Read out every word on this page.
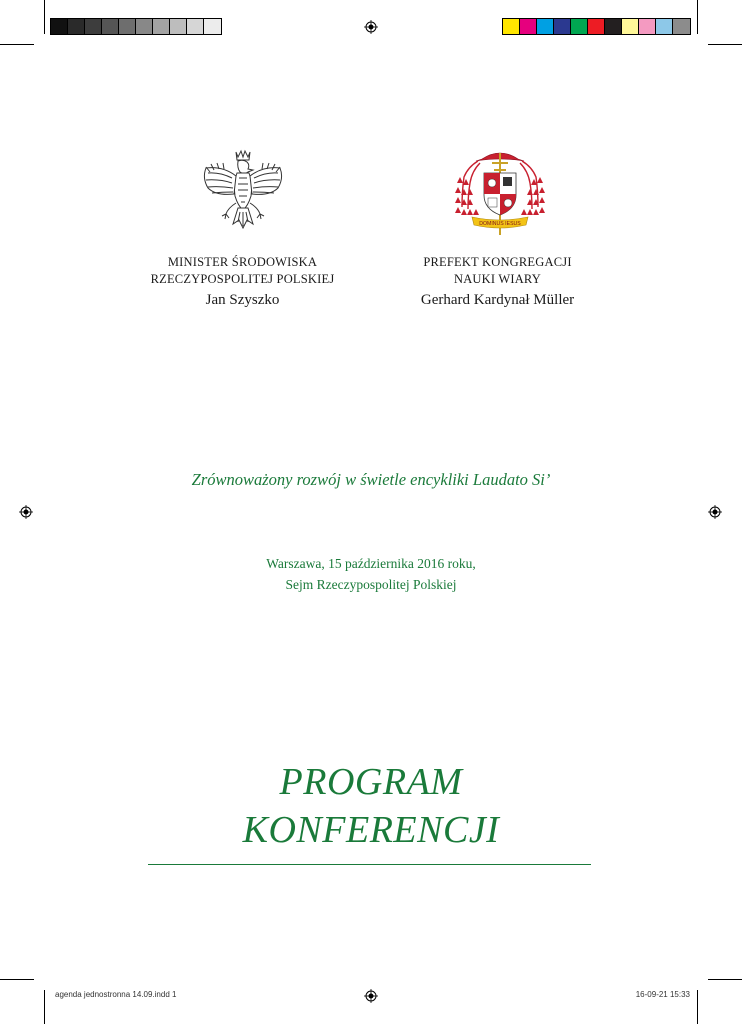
DOMINUS IESUS
MINISTER ŚRODOWISKA
RZECZYPOSPOLITEJ POLSKIEJ
Jan Szyszko
PREFEKT KONGREGACJI
NAUKI WIARY
Gerhard Kardynał Müller
Zrównoważony rozwój w świetle encykliki Laudato Si’
Warszawa, 15 października 2016 roku,
Sejm Rzeczypospolitej Polskiej
PROGRAM
KONFERENCJI
agenda jednostronna 14.09.indd 1	16-09-21 15:33
